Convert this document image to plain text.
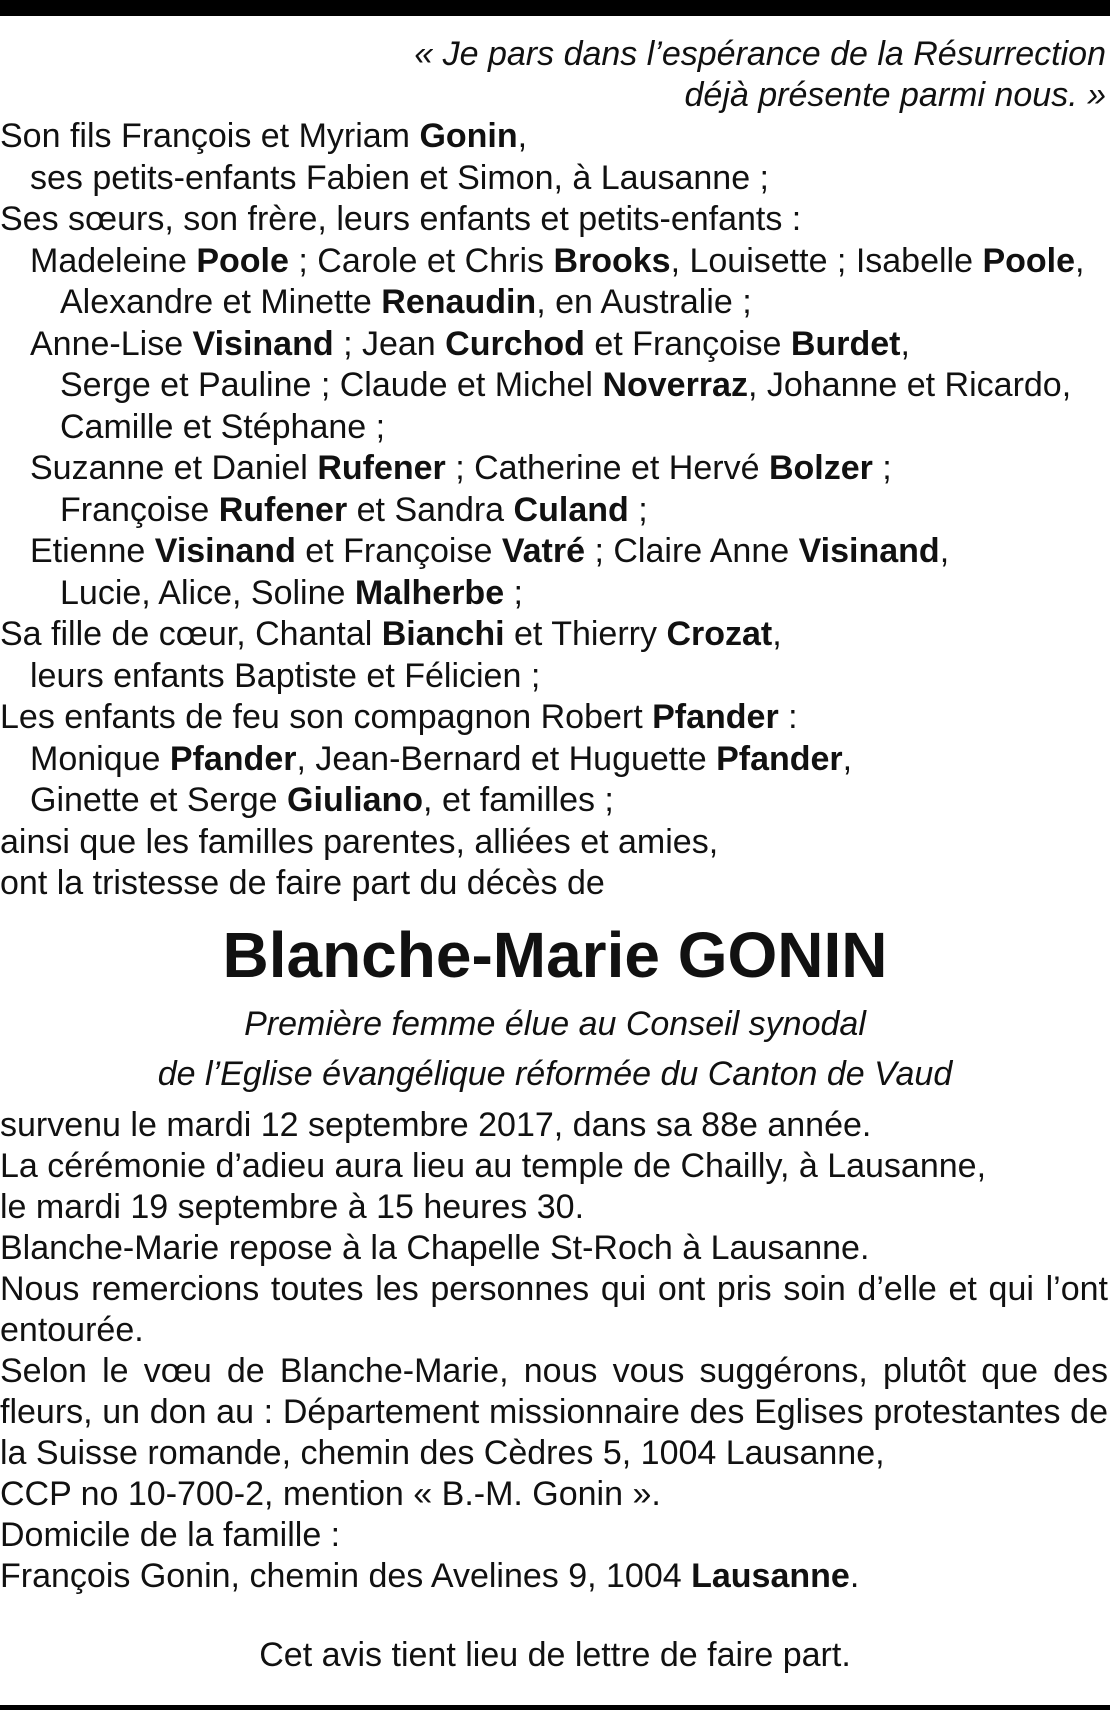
« Je pars dans l’espérance de la Résurrection
déjà présente parmi nous. »
Son fils François et Myriam Gonin,
ses petits-enfants Fabien et Simon, à Lausanne ;
Ses sœurs, son frère, leurs enfants et petits-enfants :
Madeleine Poole ; Carole et Chris Brooks, Louisette ; Isabelle Poole,
Alexandre et Minette Renaudin, en Australie ;
Anne-Lise Visinand ; Jean Curchod et Françoise Burdet,
Serge et Pauline ; Claude et Michel Noverraz, Johanne et Ricardo,
Camille et Stéphane ;
Suzanne et Daniel Rufener ; Catherine et Hervé Bolzer ;
Françoise Rufener et Sandra Culand ;
Etienne Visinand et Françoise Vatré ; Claire Anne Visinand,
Lucie, Alice, Soline Malherbe ;
Sa fille de cœur, Chantal Bianchi et Thierry Crozat,
leurs enfants Baptiste et Félicien ;
Les enfants de feu son compagnon Robert Pfander :
Monique Pfander, Jean-Bernard et Huguette Pfander,
Ginette et Serge Giuliano, et familles ;
ainsi que les familles parentes, alliées et amies,
ont la tristesse de faire part du décès de
Blanche-Marie GONIN
Première femme élue au Conseil synodal
de l’Eglise évangélique réformée du Canton de Vaud
survenu le mardi 12 septembre 2017, dans sa 88e année.
La cérémonie d’adieu aura lieu au temple de Chailly, à Lausanne,
le mardi 19 septembre à 15 heures 30.
Blanche-Marie repose à la Chapelle St-Roch à Lausanne.
Nous remercions toutes les personnes qui ont pris soin d’elle et qui l’ont entourée.
Selon le vœu de Blanche-Marie, nous vous suggérons, plutôt que des fleurs, un don au : Département missionnaire des Eglises protestantes de la Suisse romande, chemin des Cèdres 5, 1004 Lausanne,
CCP no 10-700-2, mention « B.-M. Gonin ».
Domicile de la famille :
François Gonin, chemin des Avelines 9, 1004 Lausanne.
Cet avis tient lieu de lettre de faire part.
